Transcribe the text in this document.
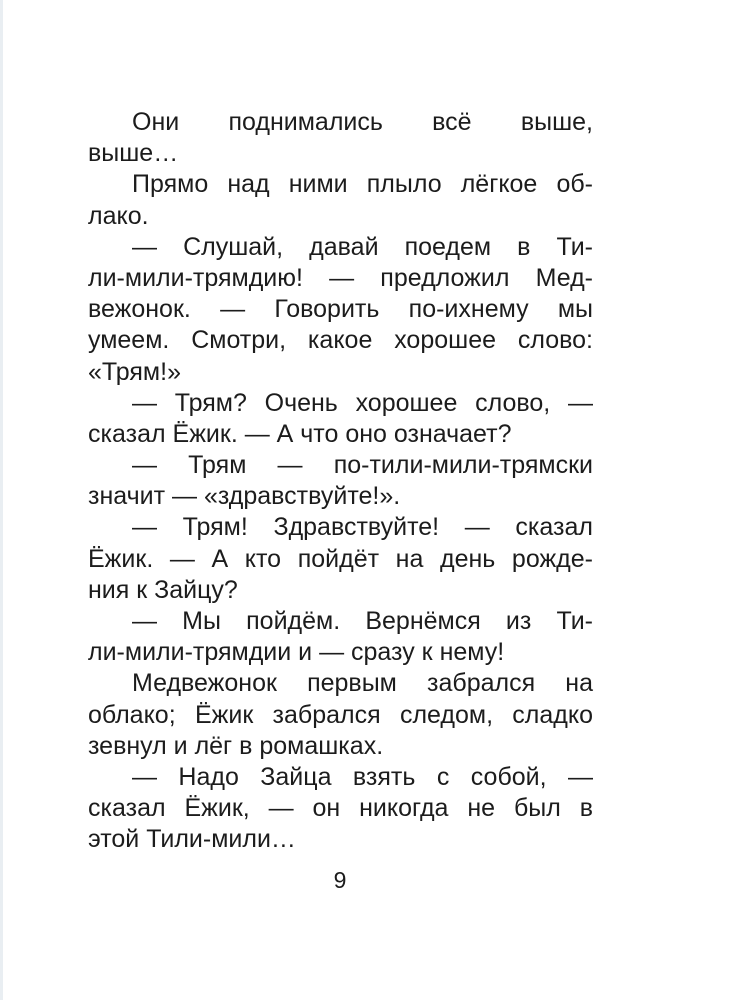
Они поднимались всё выше,
выше…
Прямо над ними плыло лёгкое об-
лако.
— Слушай, давай поедем в Ти-
ли-мили-трямдию! — предложил Мед-
вежонок. — Говорить по-ихнему мы
умеем. Смотри, какое хорошее слово:
«Трям!»
— Трям? Очень хорошее слово, —
сказал Ёжик. — А что оно означает?
— Трям — по-тили-мили-трямски
значит — «здравствуйте!».
— Трям! Здравствуйте! — сказал
Ёжик. — А кто пойдёт на день рожде-
ния к Зайцу?
— Мы пойдём. Вернёмся из Ти-
ли-мили-трямдии и — сразу к нему!
Медвежонок первым забрался на
облако; Ёжик забрался следом, сладко
зевнул и лёг в ромашках.
— Надо Зайца взять с собой, —
сказал Ёжик, — он никогда не был в
этой Тили-мили…
9
